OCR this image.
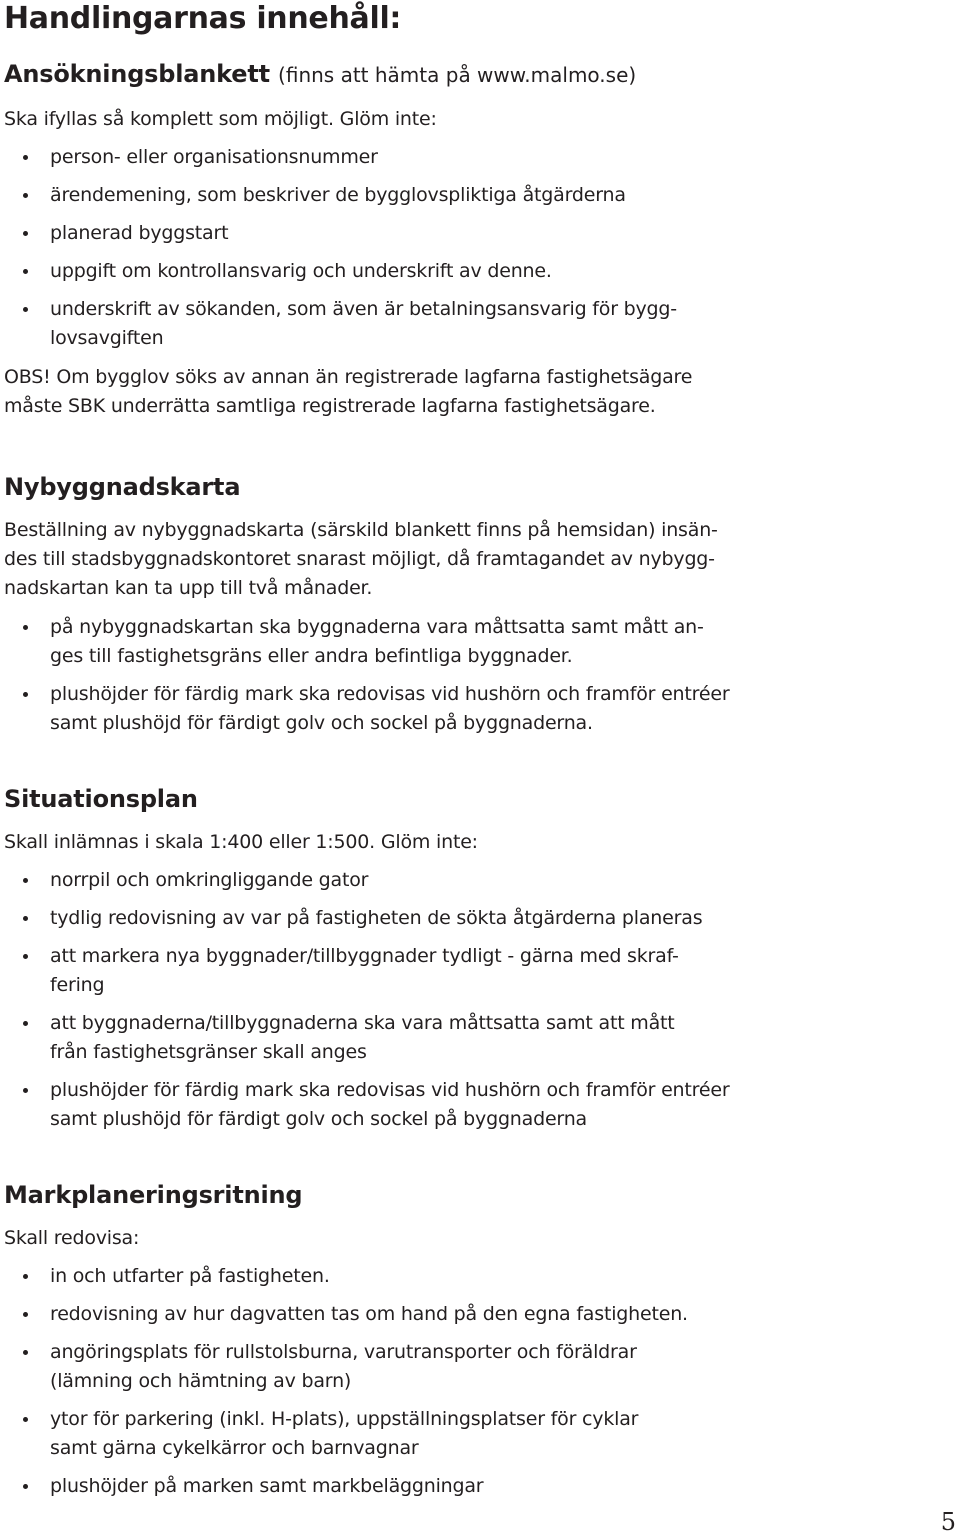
Handlingarnas innehåll:
Ansökningsblankett (finns att hämta på www.malmo.se)

Ska ifyllas så komplett som möjligt. Glöm inte:

person- eller organisationsnummer
ärendemening, som beskriver de bygglovspliktiga åtgärderna
planerad byggstart
uppgift om kontrollansvarig och underskrift av denne.
underskrift av sökanden, som även är betalningsansvarig för bygg-
lovsavgiften

OBS! Om bygglov söks av annan än registrerade lagfarna fastighetsägare
måste SBK underrätta samtliga registrerade lagfarna fastighetsägare.

Nybyggnadskarta

Beställning av nybyggnadskarta (särskild blankett finns på hemsidan) insän-
des till stadsbyggnadskontoret snarast möjligt, då framtagandet av nybygg-
nadskartan kan ta upp till två månader.

på nybyggnadskartan ska byggnaderna vara måttsatta samt mått an-
ges till fastighetsgräns eller andra befintliga byggnader.
plushöjder för färdig mark ska redovisas vid hushörn och framför entréer
samt plushöjd för färdigt golv och sockel på byggnaderna.
Situationsplan

Skall inlämnas i skala 1:400 eller 1:500. Glöm inte:

norrpil och omkringliggande gator
tydlig redovisning av var på fastigheten de sökta åtgärderna planeras
att markera nya byggnader/tillbyggnader tydligt - gärna med skraf-
fering
att byggnaderna/tillbyggnaderna ska vara måttsatta samt att mått
från fastighetsgränser skall anges
plushöjder för färdig mark ska redovisas vid hushörn och framför entréer
samt plushöjd för färdigt golv och sockel på byggnaderna
Markplaneringsritning

Skall redovisa:

in och utfarter på fastigheten.
redovisning av hur dagvatten tas om hand på den egna fastigheten.
angöringsplats för rullstolsburna, varutransporter och föräldrar
(lämning och hämtning av barn)
ytor för parkering (inkl. H-plats), uppställningsplatser för cyklar
samt gärna cykelkärror och barnvagnar
plushöjder på marken samt markbeläggningar
5
